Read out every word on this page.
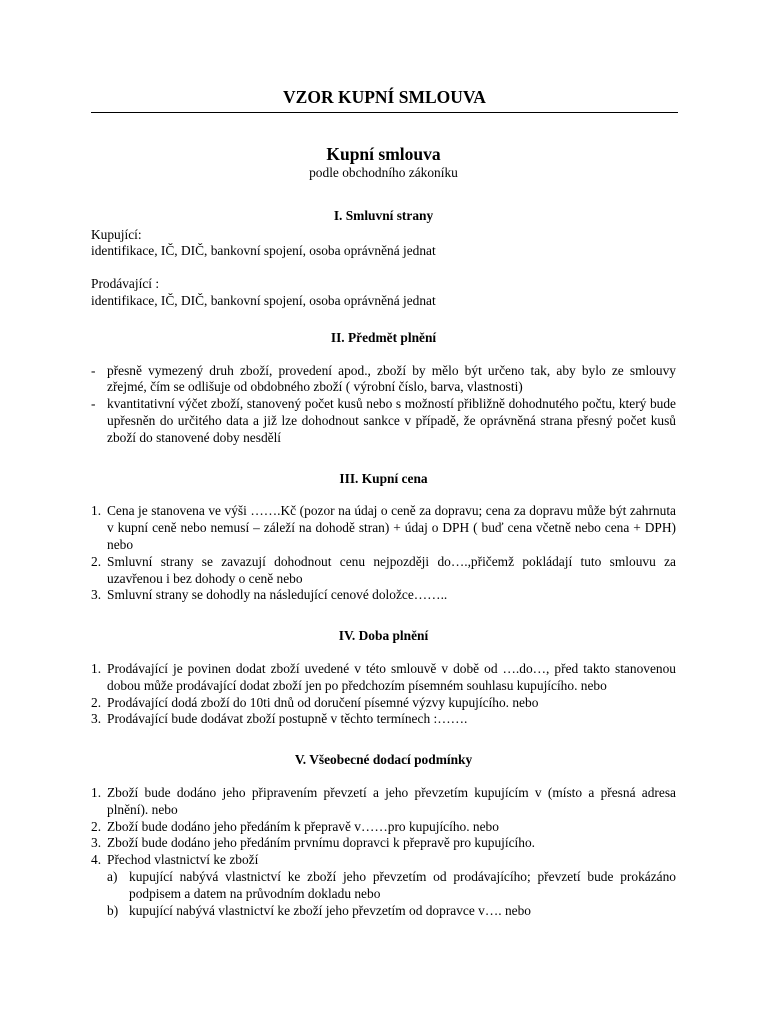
VZOR KUPNÍ SMLOUVA
Kupní smlouva
podle obchodního zákoníku
I. Smluvní strany
Kupující:
identifikace, IČ, DIČ, bankovní spojení, osoba oprávněná jednat
Prodávající :
identifikace, IČ, DIČ, bankovní spojení, osoba oprávněná jednat
II. Předmět plnění
- přesně vymezený druh zboží, provedení apod., zboží by mělo být určeno tak, aby bylo ze smlouvy zřejmé, čím se odlišuje od obdobného zboží ( výrobní číslo, barva, vlastnosti)
- kvantitativní výčet zboží, stanovený počet kusů nebo s možností přibližně dohodnutého počtu, který bude upřesněn do určitého data a již lze dohodnout sankce v případě, že oprávněná strana přesný počet kusů zboží do stanovené doby nesdělí
III. Kupní cena
1. Cena je stanovena ve výši …….Kč (pozor na údaj o ceně za dopravu; cena za dopravu může být zahrnuta v kupní ceně nebo nemusí – záleží na dohodě stran) + údaj o DPH ( buď cena včetně nebo cena + DPH) nebo
2. Smluvní strany se zavazují dohodnout cenu nejpozději do….,přičemž pokládají tuto smlouvu za uzavřenou i bez dohody o ceně nebo
3. Smluvní strany se dohodly na následující cenové doložce……..
IV. Doba plnění
1. Prodávající je povinen dodat zboží uvedené v této smlouvě v době od ….do…, před takto stanovenou dobou může prodávající dodat zboží jen po předchozím písemném souhlasu kupujícího. nebo
2. Prodávající dodá zboží do 10ti dnů od doručení písemné výzvy kupujícího. nebo
3. Prodávající bude dodávat zboží postupně v těchto termínech :…….
V. Všeobecné dodací podmínky
1. Zboží bude dodáno jeho připravením převzetí a jeho převzetím kupujícím v (místo a přesná adresa plnění). nebo
2. Zboží bude dodáno jeho předáním k přepravě v……pro kupujícího. nebo
3. Zboží bude dodáno jeho předáním prvnímu dopravci k přepravě pro kupujícího.
4. Přechod vlastnictví ke zboží
a) kupující nabývá vlastnictví ke zboží jeho převzetím od prodávajícího; převzetí bude prokázáno podpisem a datem na průvodním dokladu nebo
b) kupující nabývá vlastnictví ke zboží jeho převzetím od dopravce v…. nebo
